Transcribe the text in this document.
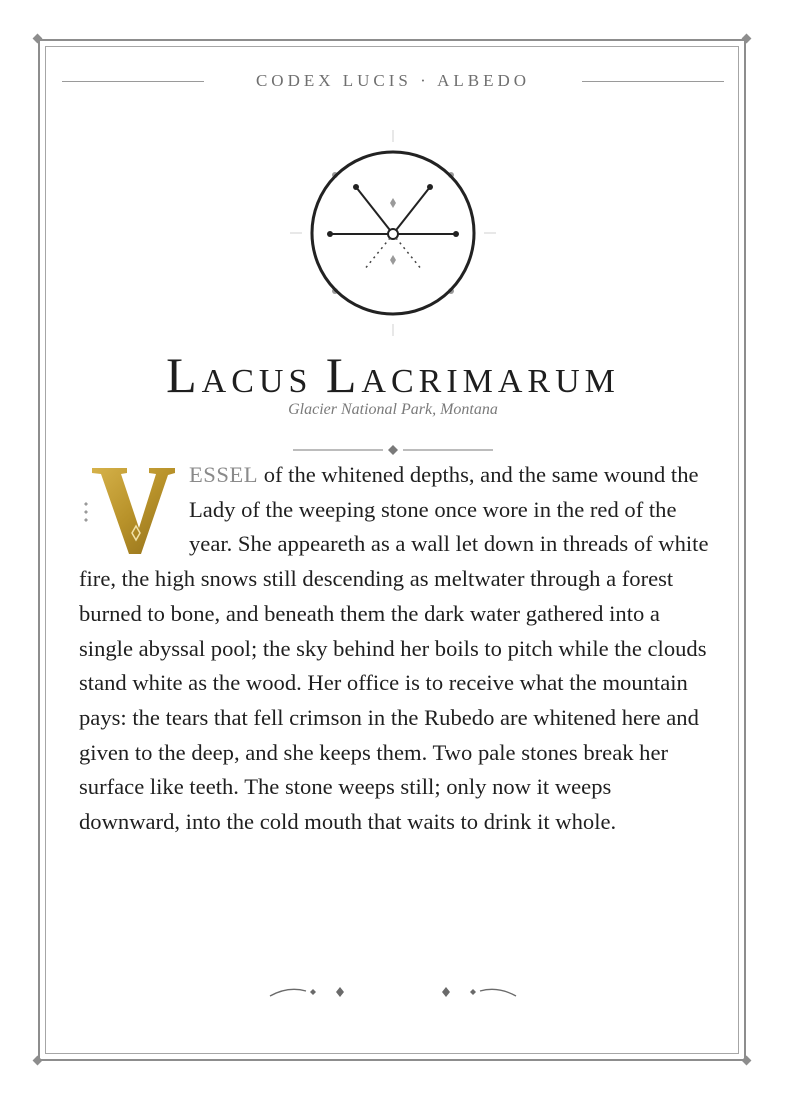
CODEX LUCIS · ALBEDO
LACUS LACRIMARUM
Glacier National Park, Montana
ESSEL of the whitened depths, and the same wound the Lady of the weeping stone once wore in the red of the year. She appeareth as a wall let down in threads of white fire, the high snows still descending as meltwater through a forest burned to bone, and beneath them the dark water gathered into a single abyssal pool; the sky behind her boils to pitch while the clouds stand white as the wood. Her office is to receive what the mountain pays: the tears that fell crimson in the Rubedo are whitened here and given to the deep, and she keeps them. Two pale stones break her surface like teeth. The stone weeps still; only now it weeps downward, into the cold mouth that waits to drink it whole.
